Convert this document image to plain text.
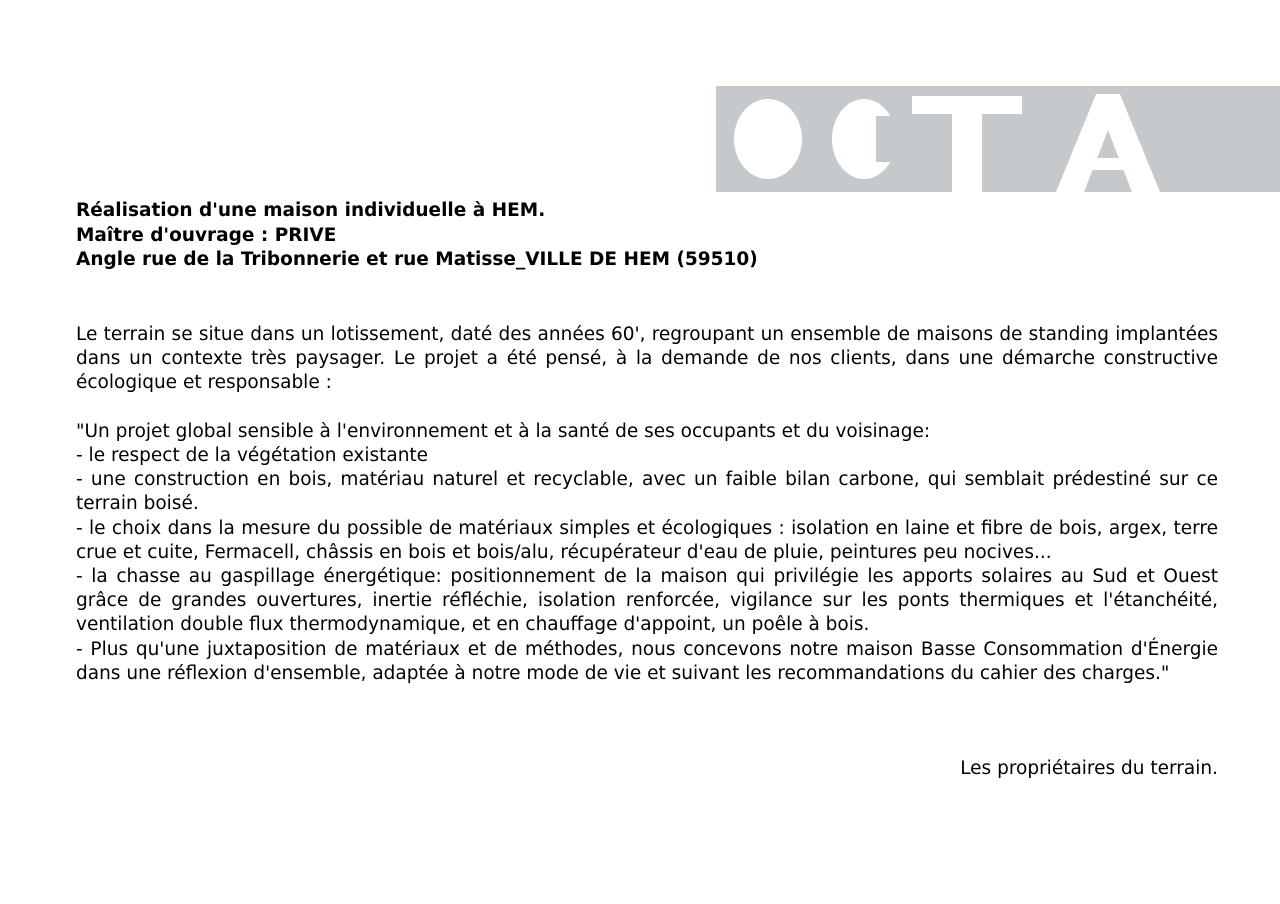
Réalisation d'une maison individuelle à HEM.
Maître d'ouvrage : PRIVE
Angle rue de la Tribonnerie et rue Matisse_VILLE DE HEM (59510)

Le terrain se situe dans un lotissement, daté des années 60', regroupant un ensemble de maisons de standing implantées dans un contexte très paysager. Le projet a été pensé, à la demande de nos clients, dans une démarche constructive écologique et responsable :

"Un projet global sensible à l'environnement et à la santé de ses occupants et du voisinage:

- le respect de la végétation existante

- une construction en bois, matériau naturel et recyclable, avec un faible bilan carbone, qui semblait prédestiné sur ce terrain boisé.

- le choix dans la mesure du possible de matériaux simples et écologiques : isolation en laine et fibre de bois, argex, terre crue et cuite, Fermacell, châssis en bois et bois/alu, récupérateur d'eau de pluie, peintures peu nocives...

- la chasse au gaspillage énergétique: positionnement de la maison qui privilégie les apports solaires au Sud et Ouest grâce de grandes ouvertures, inertie réfléchie, isolation renforcée, vigilance sur les ponts thermiques et l'étanchéité, ventilation double flux thermodynamique, et en chauffage d'appoint, un poêle à bois.

- Plus qu'une juxtaposition de matériaux et de méthodes, nous concevons notre maison Basse Consommation d'Énergie dans une réflexion d'ensemble, adaptée à notre mode de vie et suivant les recommandations du cahier des charges."

Les propriétaires du terrain.
